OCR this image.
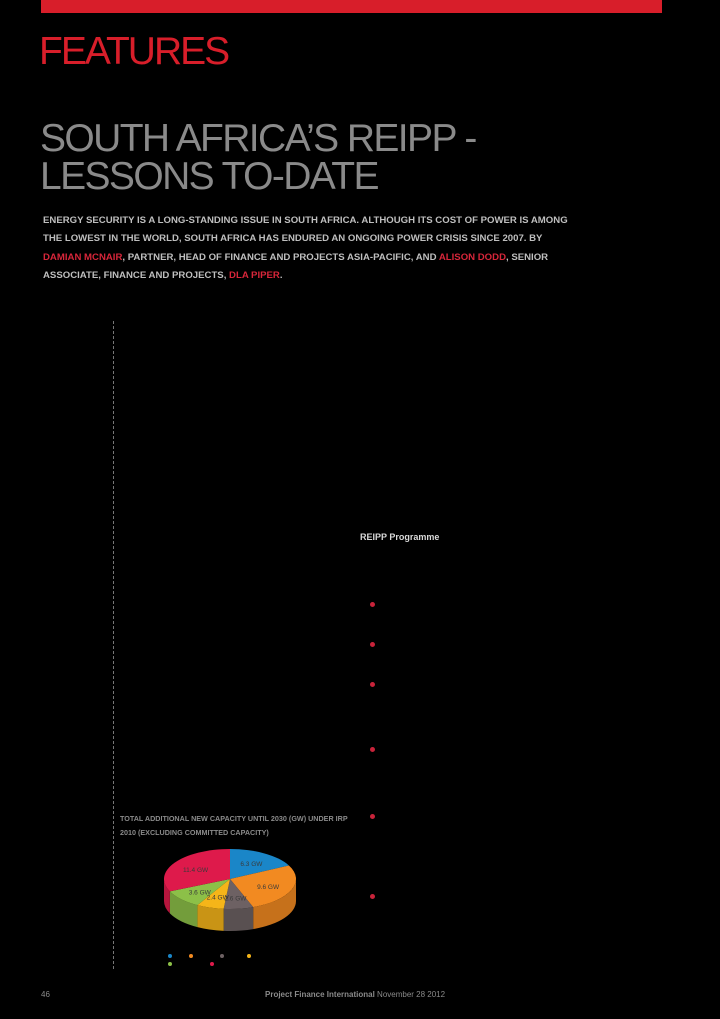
FEATURES
SOUTH AFRICA’S REIPP -
LESSONS TO-DATE

ENERGY SECURITY IS A LONG-STANDING ISSUE IN SOUTH AFRICA. ALTHOUGH ITS COST OF POWER IS AMONG THE LOWEST IN THE WORLD, SOUTH AFRICA HAS ENDURED AN ONGOING POWER CRISIS SINCE 2007. BY DAMIAN MCNAIR, PARTNER, HEAD OF FINANCE AND PROJECTS ASIA-PACIFIC, AND ALISON DODD, SENIOR ASSOCIATE, FINANCE AND PROJECTS, DLA PIPER.

REIPP Programme
TOTAL ADDITIONAL NEW CAPACITY UNTIL 2030 (GW) UNDER IRP 2010 (EXCLUDING COMMITTED CAPACITY)
6.3 GW
9.6 GW
2.6 GW
2.4 GW
3.6 GW
11.4 GW
46	Project Finance International November 28 2012
